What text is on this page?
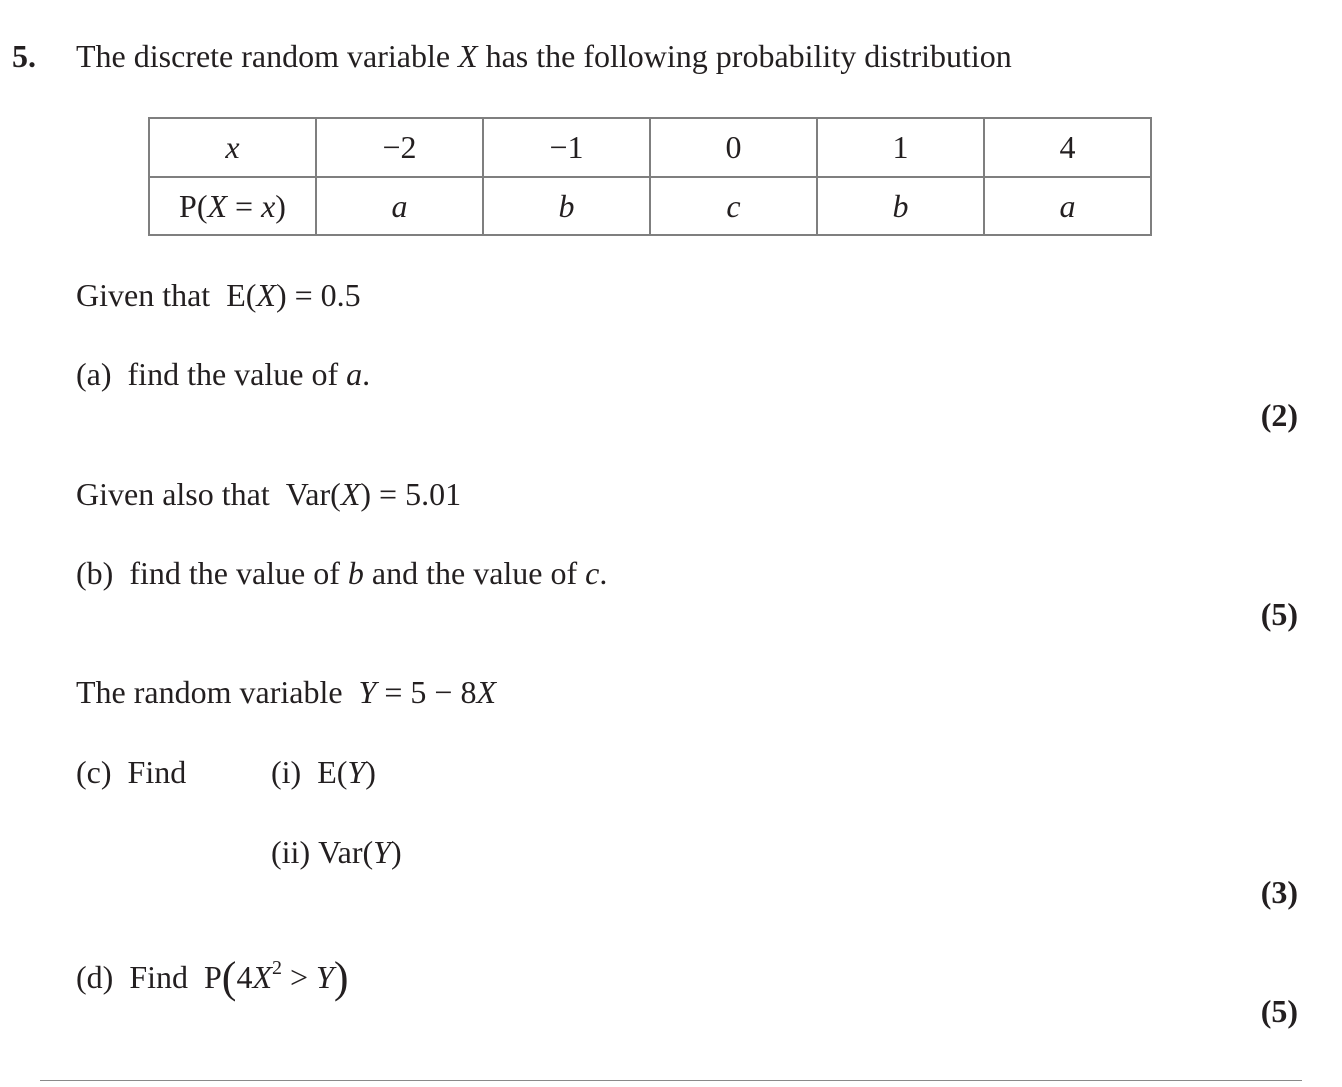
5. The discrete random variable X has the following probability distribution
x	−2	−1	0	1	4
P(X = x)	a	b	c	b	a
Given that E(X) = 0.5
(a) find the value of a.
(2)
Given also that Var(X) = 5.01
(b) find the value of b and the value of c.
(5)
The random variable Y = 5 − 8X
(c) Find	(i) E(Y)
(ii) Var(Y)
(3)
(d) Find $P(4X^2 > Y)$
(5)
